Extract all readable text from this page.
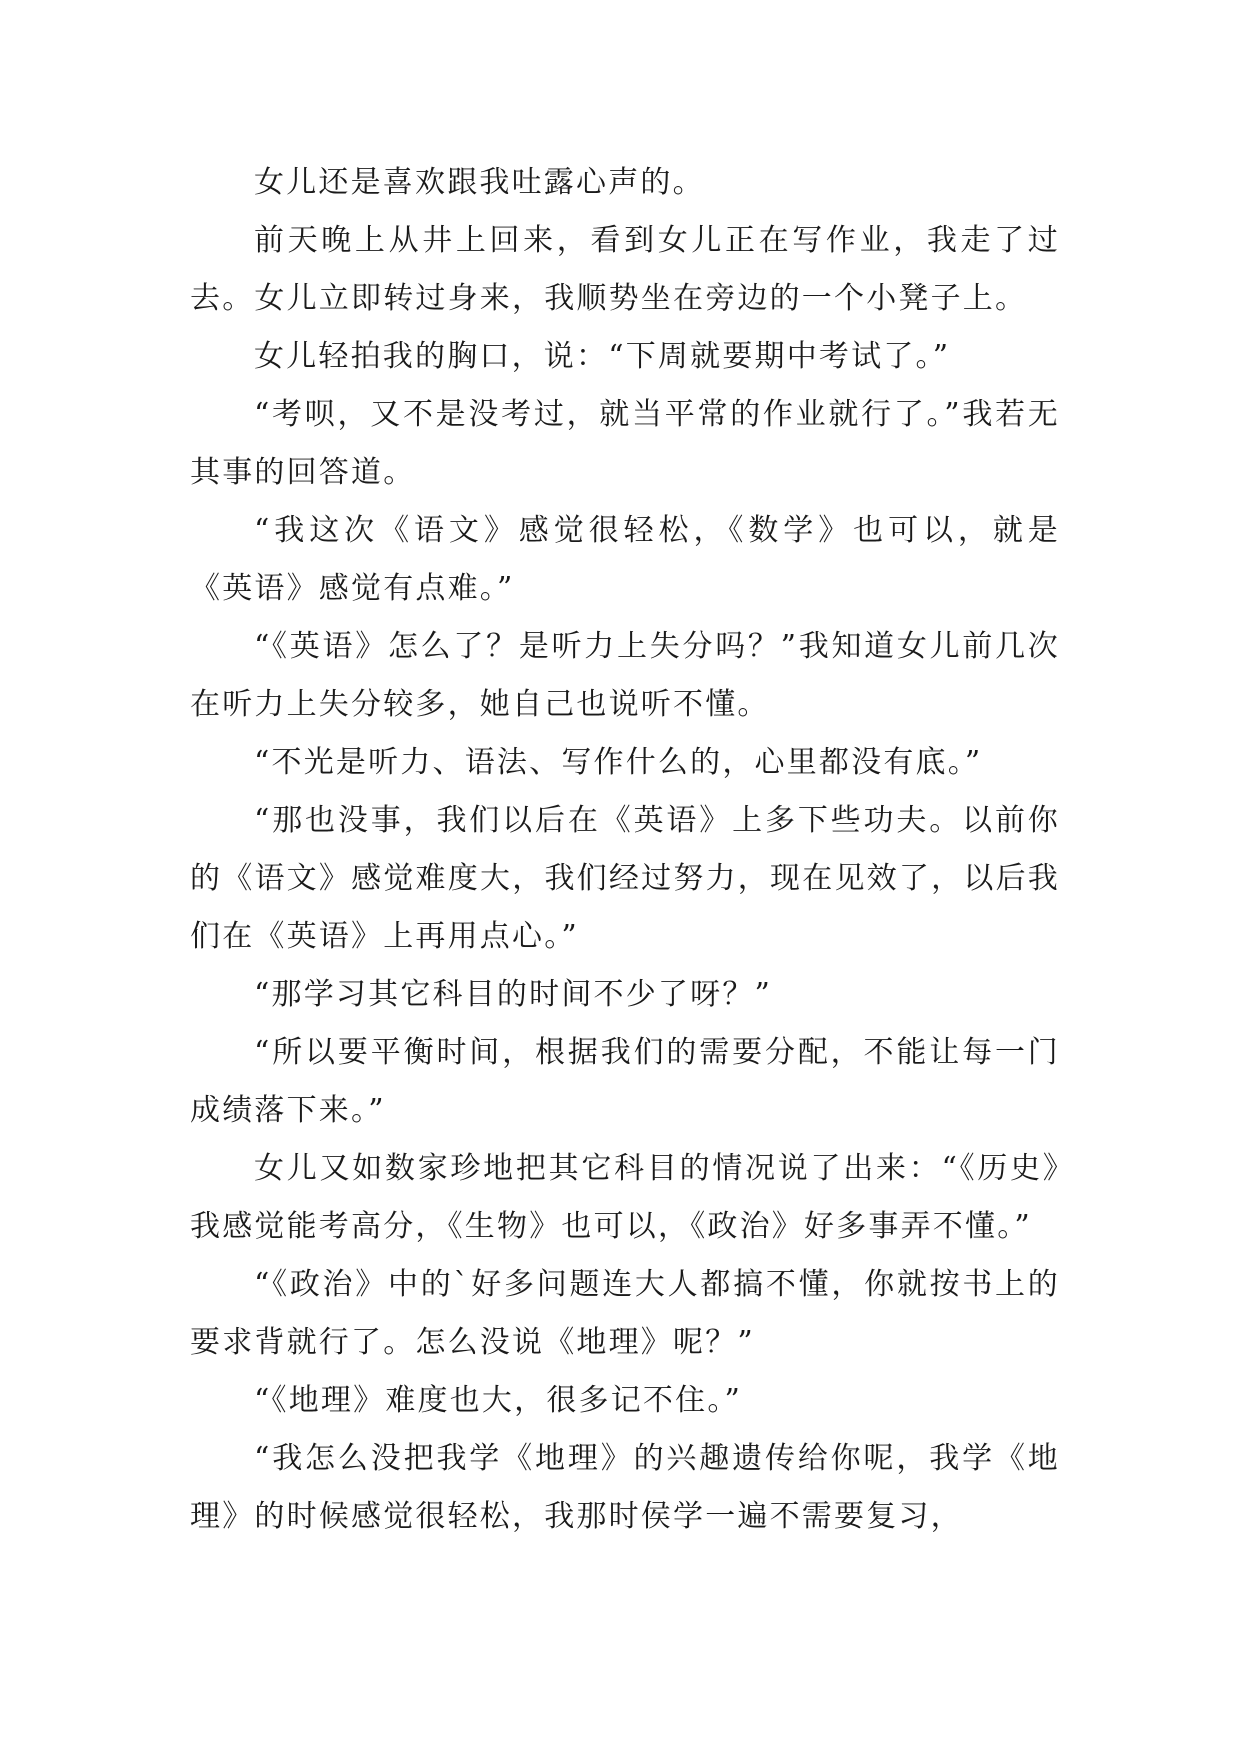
女儿还是喜欢跟我吐露心声的。

前天晚上从井上回来，看到女儿正在写作业，我走了过去。女儿立即转过身来，我顺势坐在旁边的一个小凳子上。

女儿轻拍我的胸口，说：“下周就要期中考试了。”

“考呗，又不是没考过，就当平常的作业就行了。”我若无其事的回答道。

“我这次《语文》感觉很轻松，《数学》也可以，就是《英语》感觉有点难。”

“《英语》怎么了？是听力上失分吗？”我知道女儿前几次在听力上失分较多，她自己也说听不懂。

“不光是听力、语法、写作什么的，心里都没有底。”

“那也没事，我们以后在《英语》上多下些功夫。以前你的《语文》感觉难度大，我们经过努力，现在见效了，以后我们在《英语》上再用点心。”

“那学习其它科目的时间不少了呀？”

“所以要平衡时间，根据我们的需要分配，不能让每一门成绩落下来。”

女儿又如数家珍地把其它科目的情况说了出来：“《历史》我感觉能考高分，《生物》也可以，《政治》好多事弄不懂。”

“《政治》中的`好多问题连大人都搞不懂，你就按书上的要求背就行了。怎么没说《地理》呢？”

“《地理》难度也大，很多记不住。”

“我怎么没把我学《地理》的兴趣遗传给你呢，我学《地理》的时候感觉很轻松，我那时侯学一遍不需要复习，
